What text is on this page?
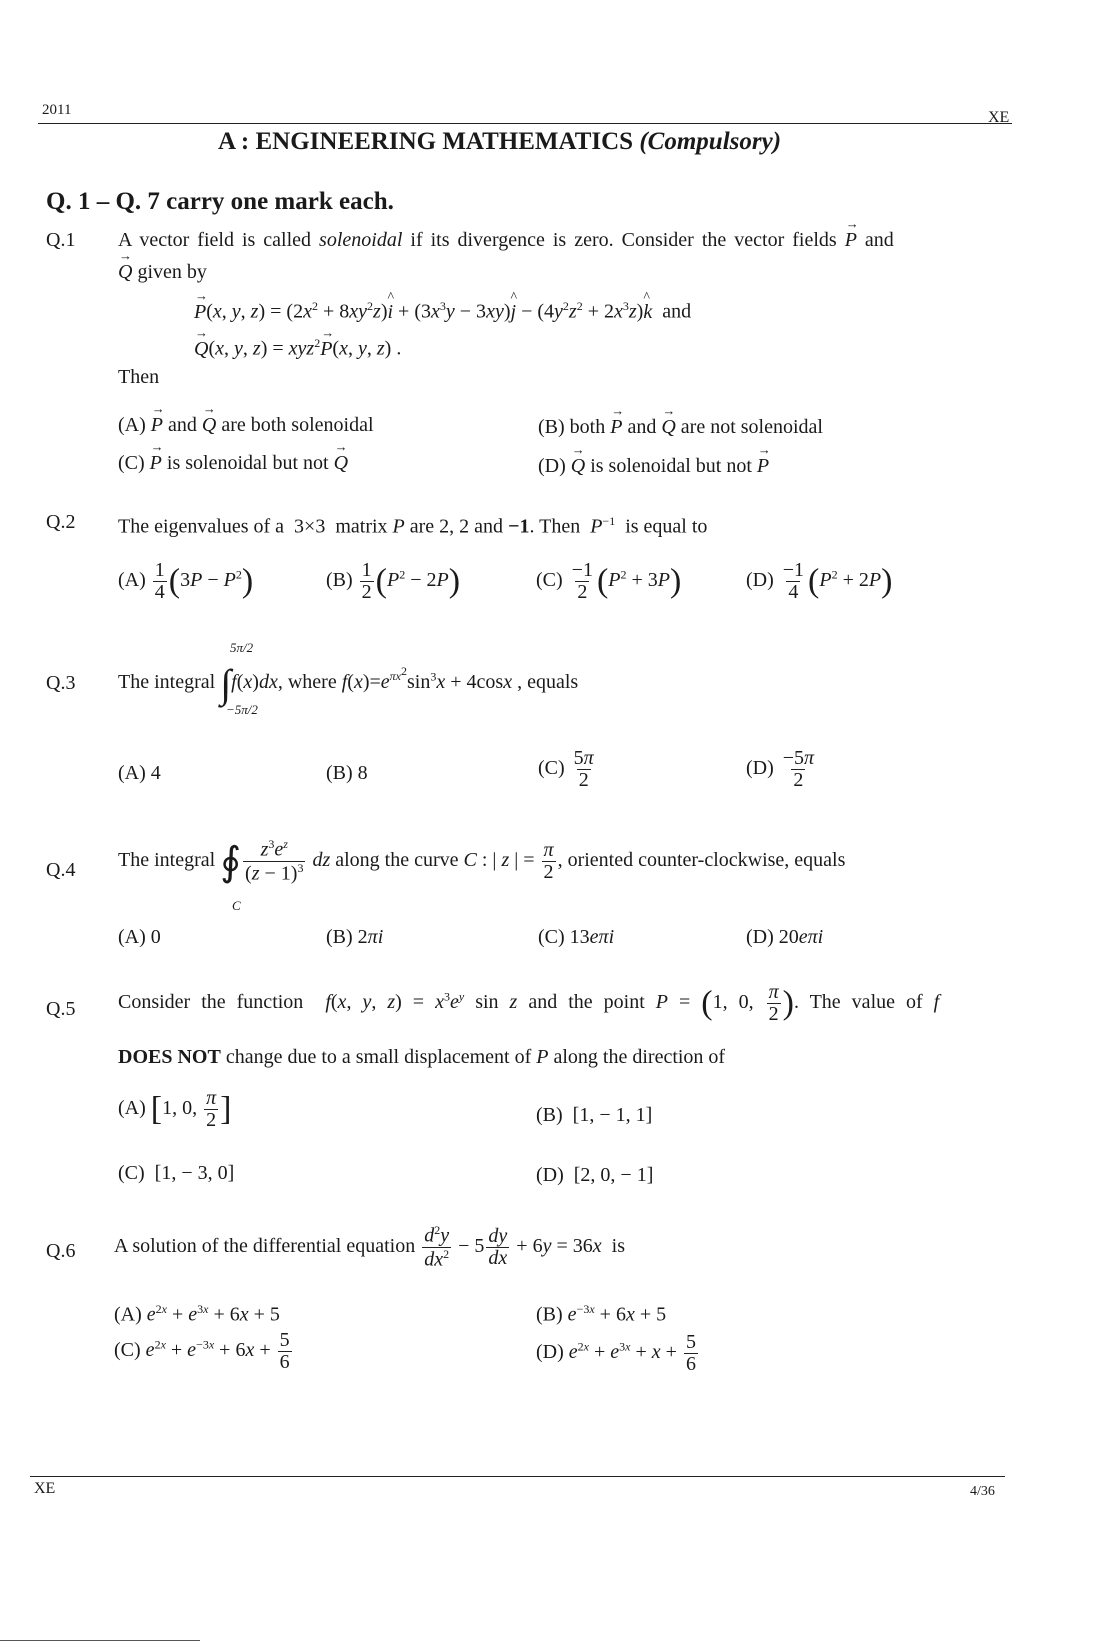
2011	XE
A : ENGINEERING MATHEMATICS (Compulsory)
Q. 1 – Q. 7 carry one mark each.
Q.1 A vector field is called solenoidal if its divergence is zero. Consider the vector fields → P and
→ Q given by
→ P(x, y, $z) = (2x^2$ + $8xy^2z)\^{}$ $i + (3x^3y$ − 3xy)^ $j - (4y^2z^2$ + $2x^3z)\^{}$ k  and
→ Q(x, y, z) = xyz$^2$→ P(x, y, z) .
Then
(A) → P and → Q are both solenoidal	(B) both → P and → Q are not solenoidal
(C) → P is solenoidal but not → Q	(D) → Q is solenoidal but not → P
Q.2 The eigenvalues of a  3×3  matrix P are 2, 2 and −1. Then $P^{-1}$ is equal to
$(A) \frac{1}{4} (3P - P^2)$	$(B) \frac{1}{2} (P^2 - 2P)$	$(C) \frac{-1}{2} (P^2 + 3P)$	$(D) \frac{-1}{4} (P^2 + 2P)$
Q.3
5π/2
−5π/2
The integral ∫f(x)dx, where $f(x)=e^{\pi x^2}\sin^3x + 4\cos x$ , equals
(A) 4	(B) 8	$(C) \frac{5\pi}{2}$	$(D) \frac{-5\pi}{2}$
Q.4 The integral ∮ $\frac{z^3e^z}{(z - 1)^3}$ dz along the curve C : | z | = $\frac{\pi}{2}$ , oriented counter-clockwise, equals
C
(A) 0	(B) 2πi	(C) 13eπi	(D) 20eπi
Q.5 Consider the function f(x, y, $z) = x^3e^y$ sin z and the point P = (1, 0, $\frac{\pi}{2}$ ). The value of f
DOES NOT change due to a small displacement of P along the direction of
(A) [1, 0, $\frac{\pi}{2}$ ]	(B) [1, − 1, 1]
(C) [1, − 3, 0]	(D) [2, 0, − 1]
Q.6 A solution of the differential equation $\frac{d^2y}{dx^2} - 5 \frac{dy}{dx} + 6y = 36x$ is
(A) $e^{2x} + e^{3x} + 6x + 5$	(B) $e^{-3x} + 6x + 5$
(C) $e^{2x} + e^{-3x} + 6x + \frac{5}{6}$	(D) $e^{2x} + e^{3x} + x + \frac{5}{6}$
XE	4/36
